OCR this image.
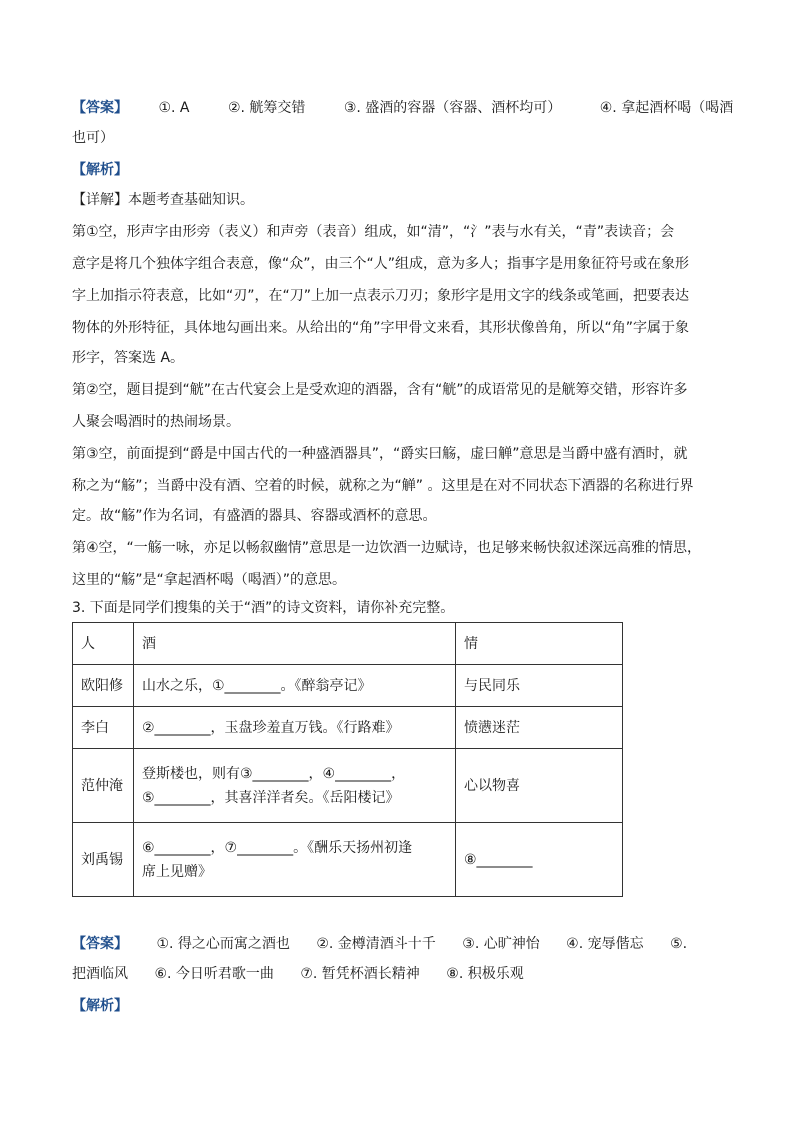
【答案】 ①. A	②. 觥筹交错	③. 盛酒的容器（容器、酒杯均可）	④. 拿起酒杯喝（喝酒
也可）
【解析】
【详解】本题考查基础知识。
第①空，形声字由形旁（表义）和声旁（表音）组成，如“清”，“氵”表与水有关，“青”表读音；会
意字是将几个独体字组合表意，像“众”，由三个“人”组成，意为多人；指事字是用象征符号或在象形
字上加指示符表意，比如“刃”，在“刀”上加一点表示刀刃；象形字是用文字的线条或笔画，把要表达
物体的外形特征，具体地勾画出来。从给出的“角”字甲骨文来看，其形状像兽角，所以“角”字属于象
形字，答案选 A。
第②空，题目提到“觥”在古代宴会上是受欢迎的酒器，含有“觥”的成语常见的是觥筹交错，形容许多
人聚会喝酒时的热闹场景。
第③空，前面提到“爵是中国古代的一种盛酒器具”，“爵实曰觞，虚曰觯”意思是当爵中盛有酒时，就
称之为“觞”；当爵中没有酒、空着的时候，就称之为“觯” 。这里是在对不同状态下酒器的名称进行界
定。故“觞”作为名词，有盛酒的器具、容器或酒杯的意思。
第④空，“一觞一咏，亦足以畅叙幽情”意思是一边饮酒一边赋诗，也足够来畅快叙述深远高雅的情思，
这里的“觞”是“拿起酒杯喝（喝酒）”的意思。
3. 下面是同学们搜集的关于“酒”的诗文资料，请你补充完整。
人	酒	情
欧阳修	山水之乐，①________。《醉翁亭记》	与民同乐
李白	②________，玉盘珍羞直万钱。《行路难》	愤懑迷茫
范仲淹	登斯楼也，则有③________，④________，
⑤________，其喜洋洋者矣。《岳阳楼记》	心以物喜
刘禹锡	⑥________，⑦________。《酬乐天扬州初逢
席上见赠》	⑧________
【答案】 ①. 得之心而寓之酒也 ②. 金樽清酒斗十千 ③. 心旷神怡 ④. 宠辱偕忘 ⑤.
把酒临风 ⑥. 今日听君歌一曲 ⑦. 暂凭杯酒长精神 ⑧. 积极乐观
【解析】
